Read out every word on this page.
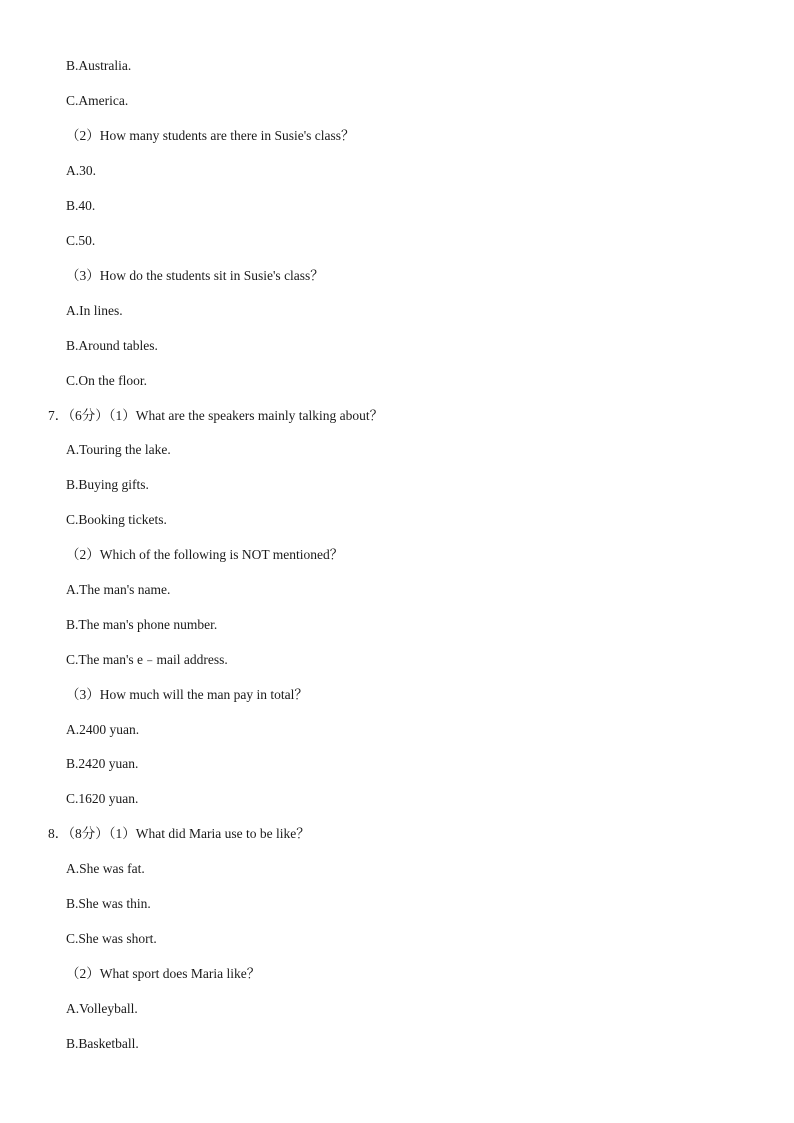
B.Australia.
C.America.
（2）How many students are there in Susie's class？
A.30.
B.40.
C.50.
（3）How do the students sit in Susie's class？
A.In lines.
B.Around tables.
C.On the floor.
7．（6分）（1）What are the speakers mainly talking about？
A.Touring the lake.
B.Buying gifts.
C.Booking tickets.
（2）Which of the following is NOT mentioned？
A.The man's name.
B.The man's phone number.
C.The man's e﹣mail address.
（3）How much will the man pay in total？
A.2400 yuan.
B.2420 yuan.
C.1620 yuan.
8．（8分）（1）What did Maria use to be like？
A.She was fat.
B.She was thin.
C.She was short.
（2）What sport does Maria like？
A.Volleyball.
B.Basketball.
